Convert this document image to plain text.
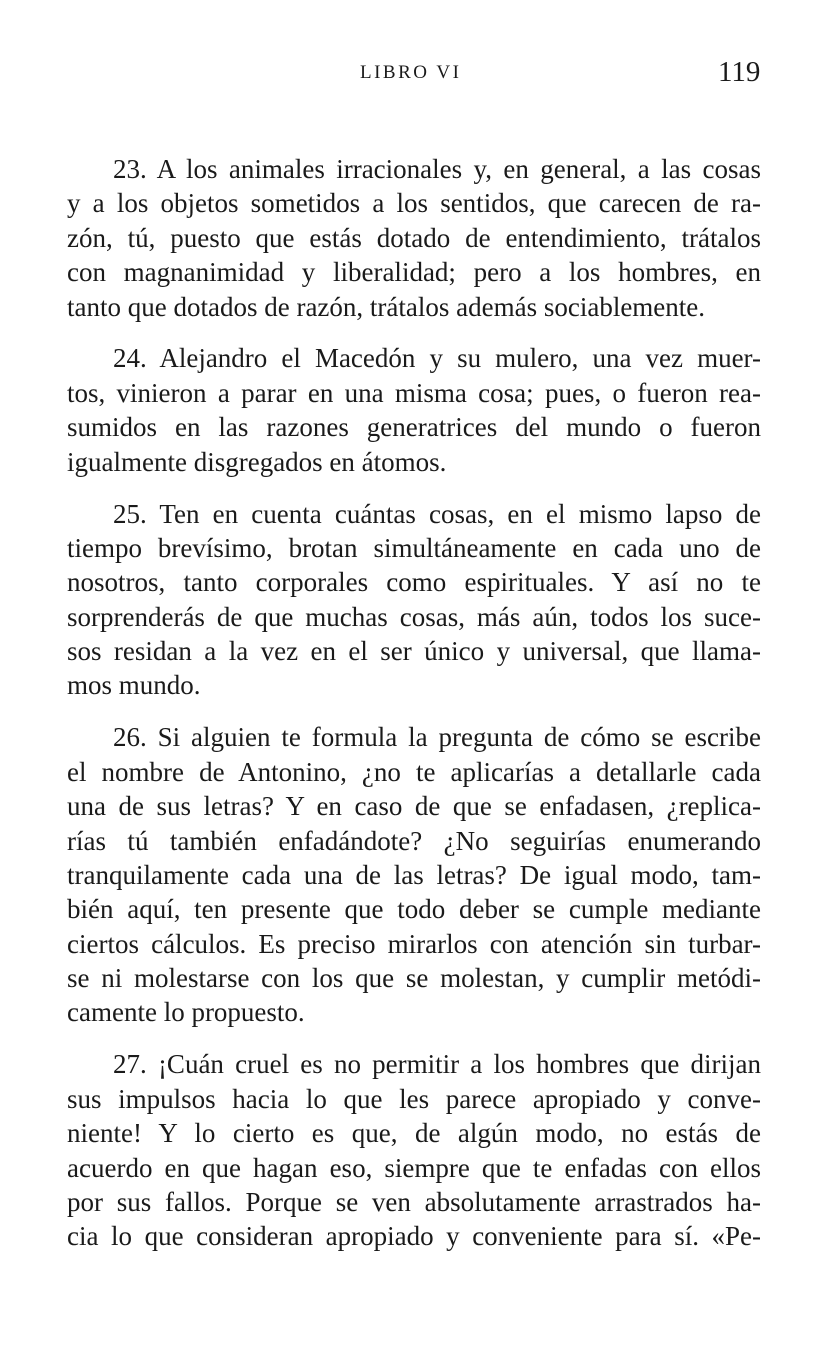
LIBRO VI	119
23. A los animales irracionales y, en general, a las cosas
y a los objetos sometidos a los sentidos, que carecen de ra-
zón, tú, puesto que estás dotado de entendimiento, trátalos
con magnanimidad y liberalidad; pero a los hombres, en
tanto que dotados de razón, trátalos además sociablemente.
24. Alejandro el Macedón y su mulero, una vez muer-
tos, vinieron a parar en una misma cosa; pues, o fueron rea-
sumidos en las razones generatrices del mundo o fueron
igualmente disgregados en átomos.
25. Ten en cuenta cuántas cosas, en el mismo lapso de
tiempo brevísimo, brotan simultáneamente en cada uno de
nosotros, tanto corporales como espirituales. Y así no te
sorprenderás de que muchas cosas, más aún, todos los suce-
sos residan a la vez en el ser único y universal, que llama-
mos mundo.
26. Si alguien te formula la pregunta de cómo se escribe
el nombre de Antonino, ¿no te aplicarías a detallarle cada
una de sus letras? Y en caso de que se enfadasen, ¿replica-
rías tú también enfadándote? ¿No seguirías enumerando
tranquilamente cada una de las letras? De igual modo, tam-
bién aquí, ten presente que todo deber se cumple mediante
ciertos cálculos. Es preciso mirarlos con atención sin turbar-
se ni molestarse con los que se molestan, y cumplir metódi-
camente lo propuesto.
27. ¡Cuán cruel es no permitir a los hombres que dirijan
sus impulsos hacia lo que les parece apropiado y conve-
niente! Y lo cierto es que, de algún modo, no estás de
acuerdo en que hagan eso, siempre que te enfadas con ellos
por sus fallos. Porque se ven absolutamente arrastrados ha-
cia lo que consideran apropiado y conveniente para sí. «Pe-
